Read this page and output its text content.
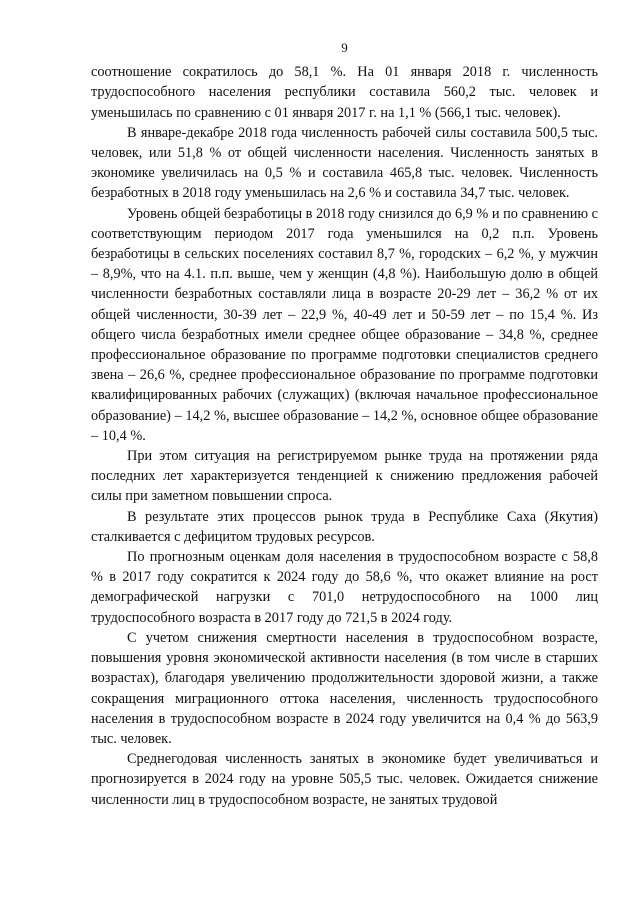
9

соотношение сократилось до 58,1 %. На 01 января 2018 г. численность трудоспособного населения республики составила 560,2 тыс. человек и уменьшилась по сравнению с 01 января 2017 г. на 1,1 % (566,1 тыс. человек).

В январе-декабре 2018 года численность рабочей силы составила 500,5 тыс. человек, или 51,8 % от общей численности населения. Численность занятых в экономике увеличилась на 0,5 % и составила 465,8 тыс. человек. Численность безработных в 2018 году уменьшилась на 2,6 % и составила 34,7 тыс. человек.

Уровень общей безработицы в 2018 году снизился до 6,9 % и по сравнению с соответствующим периодом 2017 года уменьшился на 0,2 п.п. Уровень безработицы в сельских поселениях составил 8,7 %, городских – 6,2 %, у мужчин – 8,9%, что на 4.1. п.п. выше, чем у женщин (4,8 %). Наибольшую долю в общей численности безработных составляли лица в возрасте 20-29 лет – 36,2 % от их общей численности, 30-39 лет – 22,9 %, 40-49 лет и 50-59 лет – по 15,4 %. Из общего числа безработных имели среднее общее образование – 34,8 %, среднее профессиональное образование по программе подготовки специалистов среднего звена – 26,6 %, среднее профессиональное образование по программе подготовки квалифицированных рабочих (служащих) (включая начальное профессиональное образование) – 14,2 %, высшее образование – 14,2 %, основное общее образование – 10,4 %.

При этом ситуация на регистрируемом рынке труда на протяжении ряда последних лет характеризуется тенденцией к снижению предложения рабочей силы при заметном повышении спроса.

В результате этих процессов рынок труда в Республике Саха (Якутия) сталкивается с дефицитом трудовых ресурсов.

По прогнозным оценкам доля населения в трудоспособном возрасте с 58,8 % в 2017 году сократится к 2024 году до 58,6 %, что окажет влияние на рост демографической нагрузки с 701,0 нетрудоспособного на 1000 лиц трудоспособного возраста в 2017 году до 721,5 в 2024 году.

С учетом снижения смертности населения в трудоспособном возрасте, повышения уровня экономической активности населения (в том числе в старших возрастах), благодаря увеличению продолжительности здоровой жизни, а также сокращения миграционного оттока населения, численность трудоспособного населения в трудоспособном возрасте в 2024 году увеличится на 0,4 % до 563,9 тыс. человек.

Среднегодовая численность занятых в экономике будет увеличиваться и прогнозируется в 2024 году на уровне 505,5 тыс. человек. Ожидается снижение численности лиц в трудоспособном возрасте, не занятых трудовой
